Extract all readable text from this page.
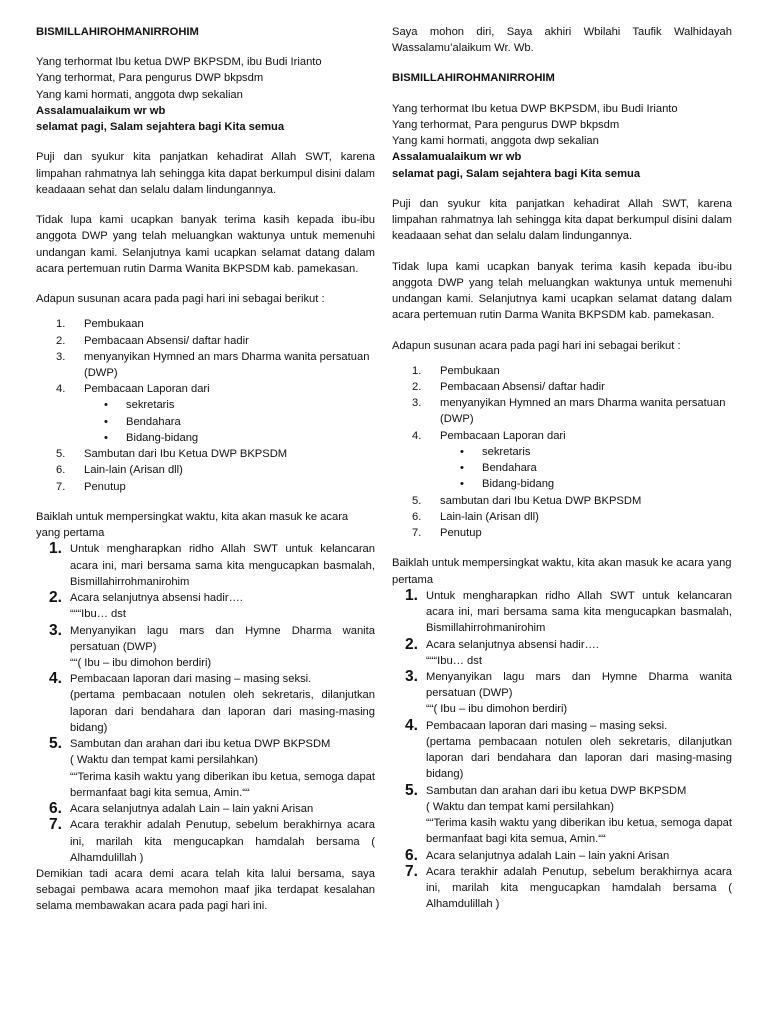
BISMILLAHIROHMANIRROHIM

Yang terhormat Ibu ketua DWP BKPSDM, ibu Budi Irianto

Yang terhormat, Para pengurus DWP bkpsdm

Yang kami hormati, anggota dwp sekalian

Assalamualaikum wr wb

selamat pagi, Salam sejahtera bagi Kita semua

Puji dan syukur kita panjatkan kehadirat Allah SWT, karena limpahan rahmatnya lah sehingga kita dapat berkumpul disini dalam keadaaan sehat dan selalu dalam lindungannya.

Tidak lupa kami ucapkan banyak terima kasih kepada ibu-ibu anggota DWP yang telah meluangkan waktunya untuk memenuhi undangan kami. Selanjutnya kami ucapkan selamat datang dalam acara pertemuan rutin Darma Wanita BKPSDM kab. pamekasan.

Adapun susunan acara pada pagi hari ini sebagai berikut :

1. Pembukaan
2. Pembacaan Absensi/ daftar hadir
3. menyanyikan Hymned an mars Dharma wanita persatuan (DWP)
4. Pembacaan Laporan dari
• sekretaris
• Bendahara
• Bidang-bidang
5. Sambutan dari Ibu Ketua DWP BKPSDM
6. Lain-lain (Arisan dll)
7. Penutup

Baiklah untuk mempersingkat waktu, kita akan masuk ke acara yang pertama

1. Untuk mengharapkan ridho Allah SWT untuk kelancaran acara ini, mari bersama sama kita mengucapkan basmalah, Bismillahirrohmanirohim
2. Acara selanjutnya absensi hadir….
“““Ibu… dst
3. Menyanyikan lagu mars dan Hymne Dharma wanita persatuan (DWP)
““( Ibu – ibu dimohon berdiri)
4. Pembacaan laporan dari masing – masing seksi.
(pertama pembacaan notulen oleh sekretaris, dilanjutkan laporan dari bendahara dan laporan dari masing-masing bidang)
5. Sambutan dan arahan dari ibu ketua DWP BKPSDM
( Waktu dan tempat kami persilahkan)
““Terima kasih waktu yang diberikan ibu ketua, semoga dapat bermanfaat bagi kita semua, Amin.““
6. Acara selanjutnya adalah Lain – lain yakni Arisan
7. Acara terakhir adalah Penutup, sebelum berakhirnya acara ini, marilah kita mengucapkan hamdalah bersama ( Alhamdulillah )

Demikian tadi acara demi acara telah kita lalui bersama, saya sebagai pembawa acara memohon maaf jika terdapat kesalahan selama membawakan acara pada pagi hari ini.

Saya mohon diri, Saya akhiri Wbilahi Taufik Walhidayah Wassalamu’alaikum Wr. Wb.

BISMILLAHIROHMANIRROHIM

Yang terhormat Ibu ketua DWP BKPSDM, ibu Budi Irianto

Yang terhormat, Para pengurus DWP bkpsdm

Yang kami hormati, anggota dwp sekalian

Assalamualaikum wr wb

selamat pagi, Salam sejahtera bagi Kita semua

Puji dan syukur kita panjatkan kehadirat Allah SWT, karena limpahan rahmatnya lah sehingga kita dapat berkumpul disini dalam keadaaan sehat dan selalu dalam lindungannya.

Tidak lupa kami ucapkan banyak terima kasih kepada ibu-ibu anggota DWP yang telah meluangkan waktunya untuk memenuhi undangan kami. Selanjutnya kami ucapkan selamat datang dalam acara pertemuan rutin Darma Wanita BKPSDM kab. pamekasan.

Adapun susunan acara pada pagi hari ini sebagai berikut :

1. Pembukaan
2. Pembacaan Absensi/ daftar hadir
3. menyanyikan Hymned an mars Dharma wanita persatuan (DWP)
4. Pembacaan Laporan dari
• sekretaris
• Bendahara
• Bidang-bidang
5. sambutan dari Ibu Ketua DWP BKPSDM
6. Lain-lain (Arisan dll)
7. Penutup

Baiklah untuk mempersingkat waktu, kita akan masuk ke acara yang pertama

1. Untuk mengharapkan ridho Allah SWT untuk kelancaran acara ini, mari bersama sama kita mengucapkan basmalah, Bismillahirrohmanirohim
2. Acara selanjutnya absensi hadir….
“““Ibu… dst
3. Menyanyikan lagu mars dan Hymne Dharma wanita persatuan (DWP)
““( Ibu – ibu dimohon berdiri)
4. Pembacaan laporan dari masing – masing seksi.
(pertama pembacaan notulen oleh sekretaris, dilanjutkan laporan dari bendahara dan laporan dari masing-masing bidang)
5. Sambutan dan arahan dari ibu ketua DWP BKPSDM
( Waktu dan tempat kami persilahkan)
““Terima kasih waktu yang diberikan ibu ketua, semoga dapat bermanfaat bagi kita semua, Amin.““
6. Acara selanjutnya adalah Lain – lain yakni Arisan
7. Acara terakhir adalah Penutup, sebelum berakhirnya acara ini, marilah kita mengucapkan hamdalah bersama ( Alhamdulillah )
